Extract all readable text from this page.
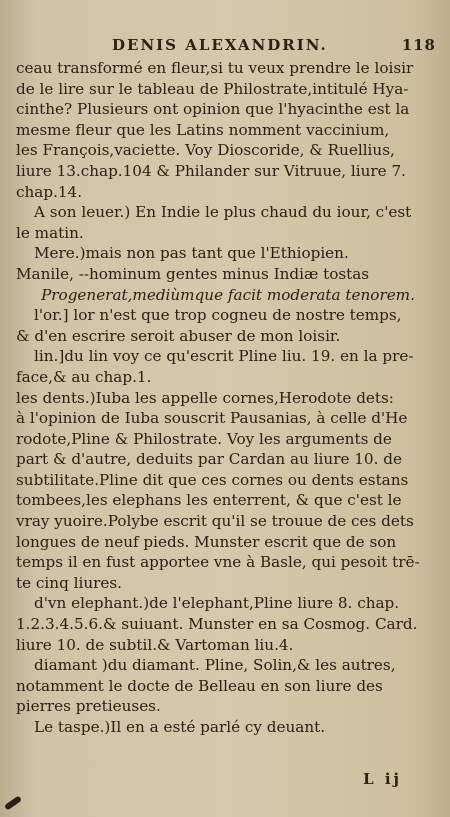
DENIS ALEXANDRIN.	118
ceau transformé en fleur,si tu veux prendre le loisir
de le lire sur le tableau de Philostrate,intitulé Hya-
cinthe? Plusieurs ont opinion que l'hyacinthe est la
mesme fleur que les Latins nomment vaccinium,
les François,vaciette. Voy Dioscoride, & Ruellius,
liure 13.chap.104 & Philander sur Vitruue, liure 7.
chap.14.
A son leuer.) En Indie le plus chaud du iour, c'est
le matin.
Mere.)mais non pas tant que l'Ethiopien.
Manile, --hominum gentes minus Indiæ tostas
Progenerat,mediùmque facit moderata tenorem.
l'or.] lor n'est que trop cogneu de nostre temps,
& d'en escrire seroit abuser de mon loisir.
lin.]du lin voy ce qu'escrit Pline liu. 19. en la pre-
face,& au chap.1.
les dents.)Iuba les appelle cornes,Herodote dets:
à l'opinion de Iuba souscrit Pausanias, à celle d'He
rodote,Pline & Philostrate. Voy les arguments de
part & d'autre, deduits par Cardan au liure 10. de
subtilitate.Pline dit que ces cornes ou dents estans
tombees,les elephans les enterrent, & que c'est le
vray yuoire.Polybe escrit qu'il se trouue de ces dets
longues de neuf pieds. Munster escrit que de son
temps il en fust apportee vne à Basle, qui pesoit trē-
te cinq liures.
d'vn elephant.)de l'elephant,Pline liure 8. chap.
1.2.3.4.5.6.& suiuant. Munster en sa Cosmog. Card.
liure 10. de subtil.& Vartoman liu.4.
diamant )du diamant. Pline, Solin,& les autres,
notamment le docte de Belleau en son liure des
pierres pretieuses.
Le taspe.)Il en a esté parlé cy deuant.
L ij
